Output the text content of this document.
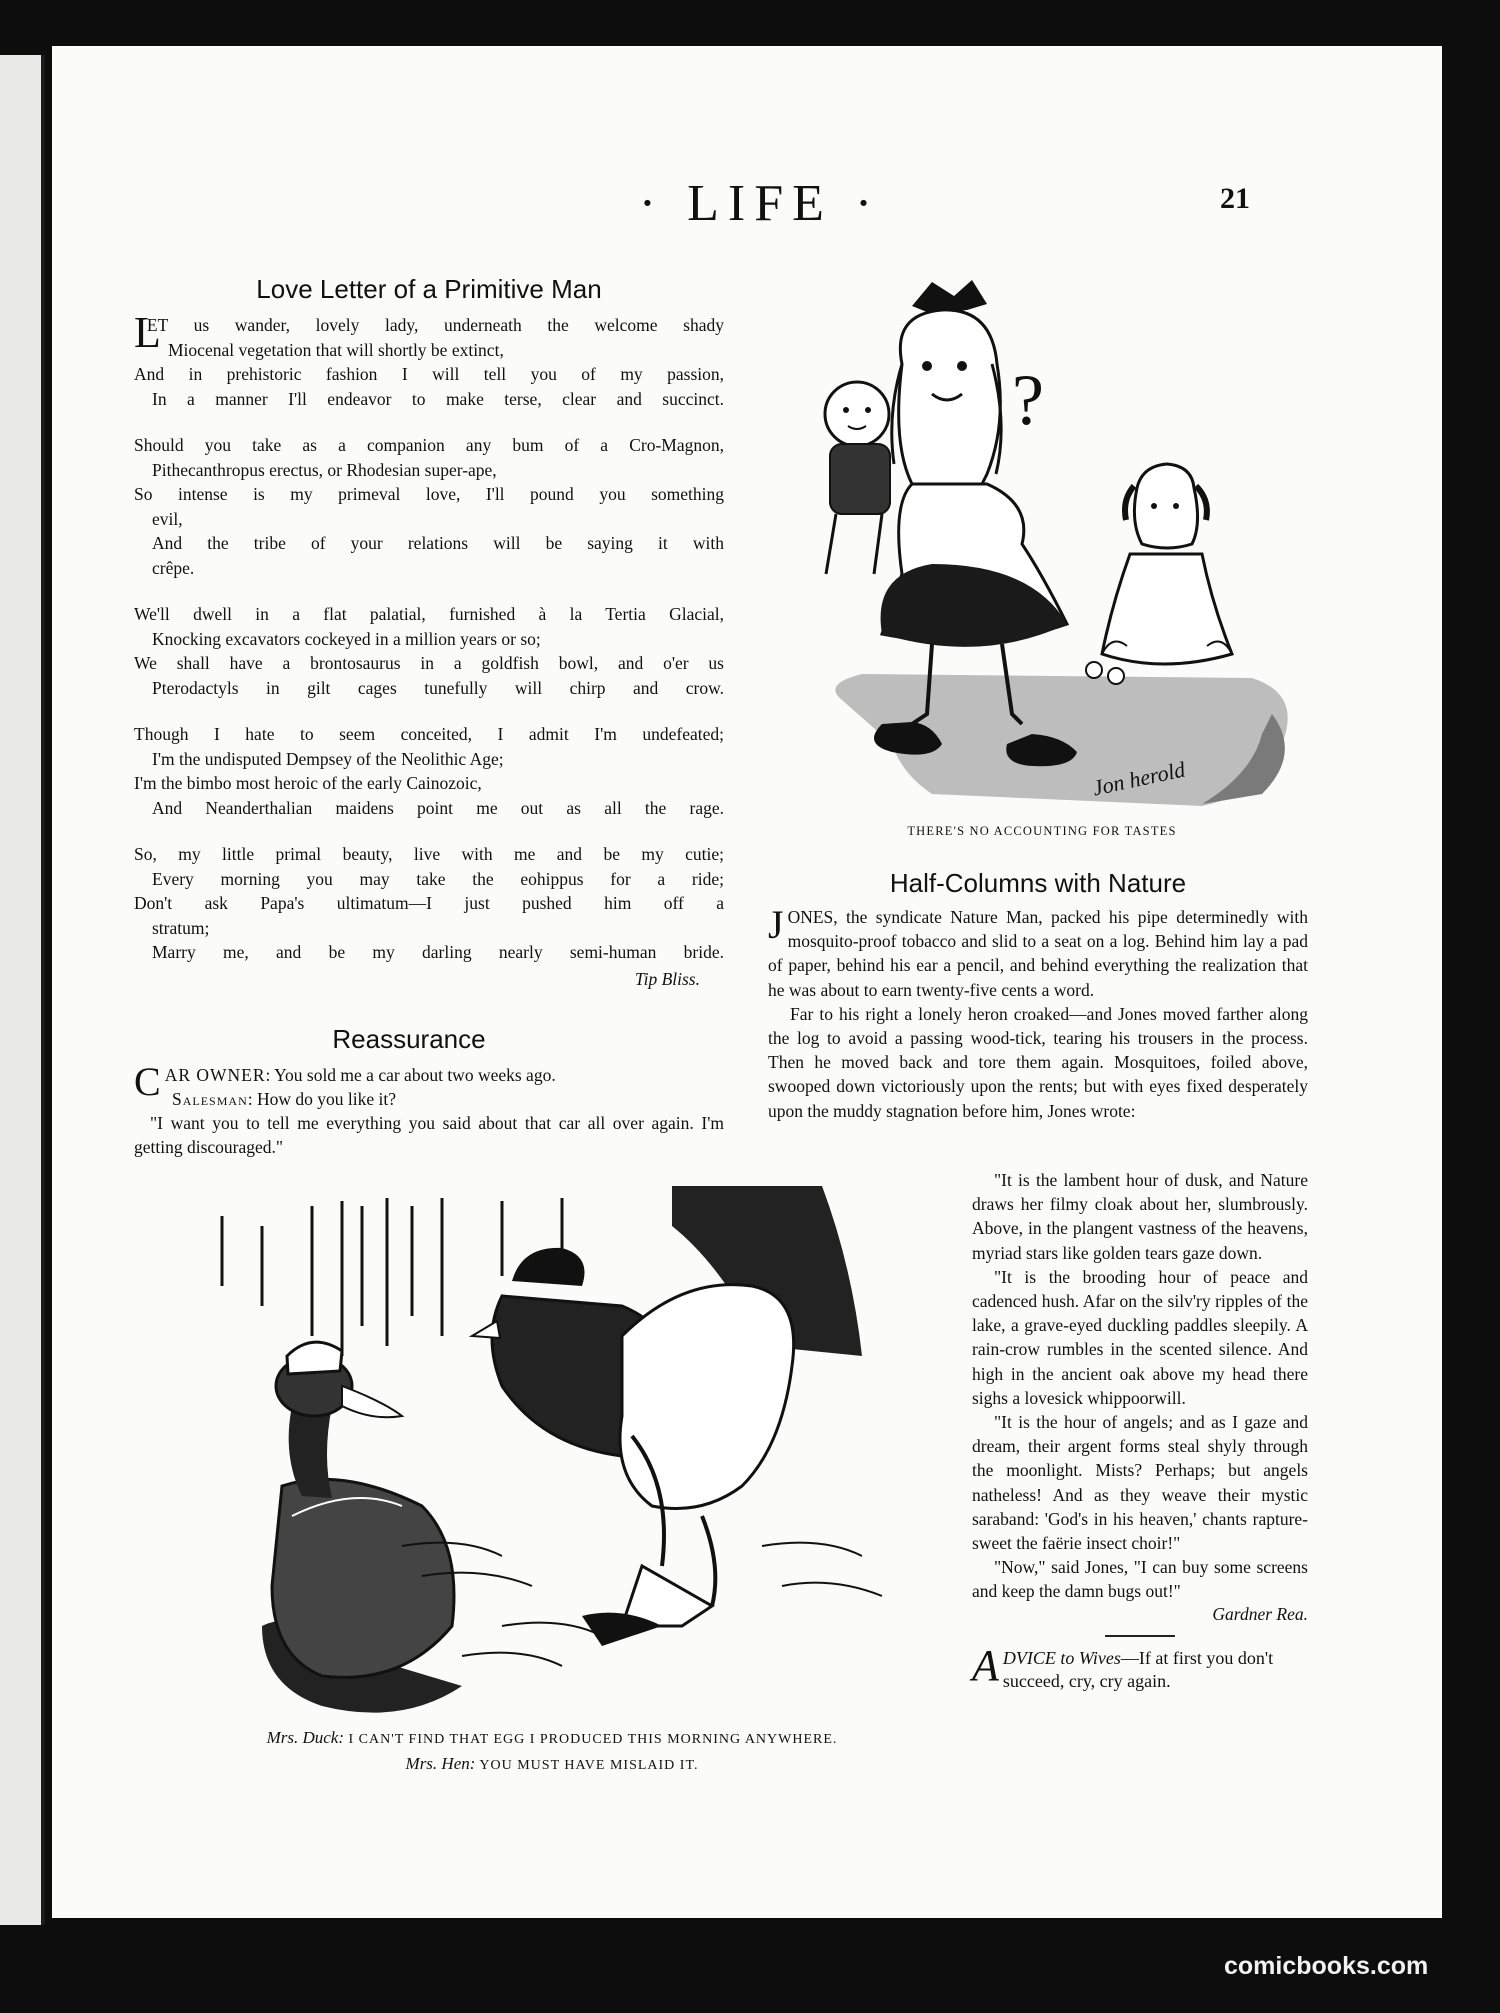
· LIFE ·	21
Love Letter of a Primitive Man
L
ET us wander, lovely lady, underneath the welcome shady
Miocenal vegetation that will shortly be extinct,
And in prehistoric fashion I will tell you of my passion,
In a manner I'll endeavor to make terse, clear and succinct.
Should you take as a companion any bum of a Cro-Magnon,
Pithecanthropus erectus, or Rhodesian super-ape,
So intense is my primeval love, I'll pound you something
evil,
And the tribe of your relations will be saying it with
crêpe.
We'll dwell in a flat palatial, furnished à la Tertia Glacial,
Knocking excavators cockeyed in a million years or so;
We shall have a brontosaurus in a goldfish bowl, and o'er us
Pterodactyls in gilt cages tunefully will chirp and crow.
Though I hate to seem conceited, I admit I'm undefeated;
I'm the undisputed Dempsey of the Neolithic Age;
I'm the bimbo most heroic of the early Cainozoic,
And Neanderthalian maidens point me out as all the rage.
So, my little primal beauty, live with me and be my cutie;
Every morning you may take the eohippus for a ride;
Don't ask Papa's ultimatum—I just pushed him off a
stratum;
Marry me, and be my darling nearly semi-human bride.
Tip Bliss.
Reassurance

CAR OWNER: You sold me a car about two weeks ago.

Salesman: How do you like it?

"I want you to tell me everything you said about that car all over again. I'm getting discouraged."

?
Jon herold
THERE'S NO ACCOUNTING FOR TASTES
Half-Columns with Nature

JONES, the syndicate Nature Man, packed his pipe determinedly with mosquito-proof tobacco and slid to a seat on a log. Behind him lay a pad of paper, behind his ear a pencil, and behind everything the realization that he was about to earn twenty-five cents a word.

Far to his right a lonely heron croaked—and Jones moved farther along the log to avoid a passing wood-tick, tearing his trousers in the process. Then he moved back and tore them again. Mosquitoes, foiled above, swooped down victoriously upon the rents; but with eyes fixed desperately upon the muddy stagnation before him, Jones wrote:

"It is the lambent hour of dusk, and Nature draws her filmy cloak about her, slumbrously. Above, in the plangent vastness of the heavens, myriad stars like golden tears gaze down.

"It is the brooding hour of peace and cadenced hush. Afar on the silv'ry ripples of the lake, a grave-eyed duckling paddles sleepily. A rain-crow rumbles in the scented silence. And high in the ancient oak above my head there sighs a lovesick whippoorwill.

"It is the hour of angels; and as I gaze and dream, their argent forms steal shyly through the moonlight. Mists? Perhaps; but angels natheless! And as they weave their mystic saraband: 'God's in his heaven,' chants rapture-sweet the faërie insect choir!"

"Now," said Jones, "I can buy some screens and keep the damn bugs out!"

Gardner Rea.
ADVICE to Wives—If at first you don't succeed, cry, cry again.
Mrs. Duck: I CAN'T FIND THAT EGG I PRODUCED THIS MORNING ANYWHERE.
Mrs. Hen: YOU MUST HAVE MISLAID IT.
comicbooks.com
